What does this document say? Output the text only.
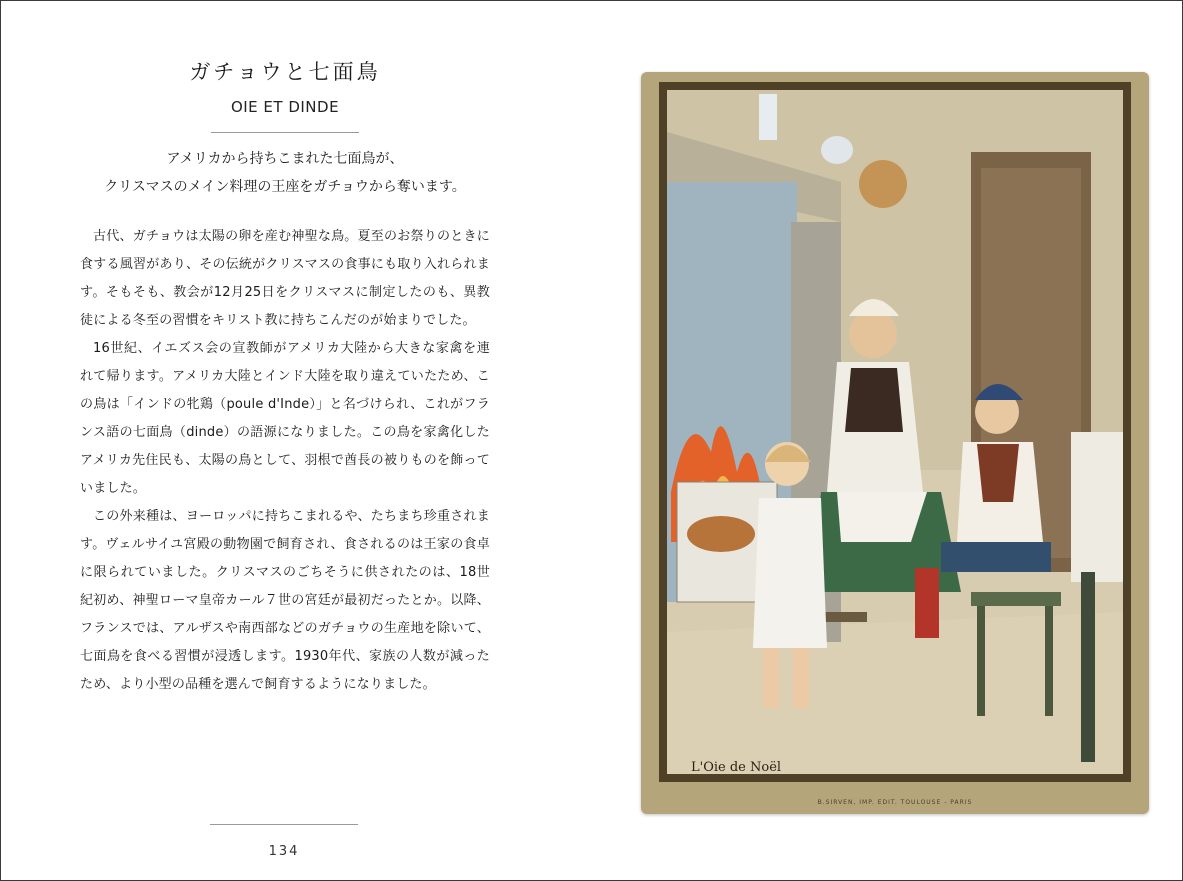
ガチョウと七面鳥
OIE ET DINDE
アメリカから持ちこまれた七面鳥が、
クリスマスのメイン料理の王座をガチョウから奪います。

古代、ガチョウは太陽の卵を産む神聖な鳥。夏至のお祭りのときに食する風習があり、その伝統がクリスマスの食事にも取り入れられます。そもそも、教会が12月25日をクリスマスに制定したのも、異教徒による冬至の習慣をキリスト教に持ちこんだのが始まりでした。

16世紀、イエズス会の宣教師がアメリカ大陸から大きな家禽を連れて帰ります。アメリカ大陸とインド大陸を取り違えていたため、この鳥は「インドの牝鶏（poule d'Inde）」と名づけられ、これがフランス語の七面鳥（dinde）の語源になりました。この鳥を家禽化したアメリカ先住民も、太陽の鳥として、羽根で酋長の被りものを飾っていました。

この外来種は、ヨーロッパに持ちこまれるや、たちまち珍重されます。ヴェルサイユ宮殿の動物園で飼育され、食されるのは王家の食卓に限られていました。クリスマスのごちそうに供されたのは、18世紀初め、神聖ローマ皇帝カール７世の宮廷が最初だったとか。以降、フランスでは、アルザスや南西部などのガチョウの生産地を除いて、七面鳥を食べる習慣が浸透します。1930年代、家族の人数が減ったため、より小型の品種を選んで飼育するようになりました。

134
L'Oie de Noël
B.SIRVEN, IMP. EDIT. TOULOUSE - PARIS
